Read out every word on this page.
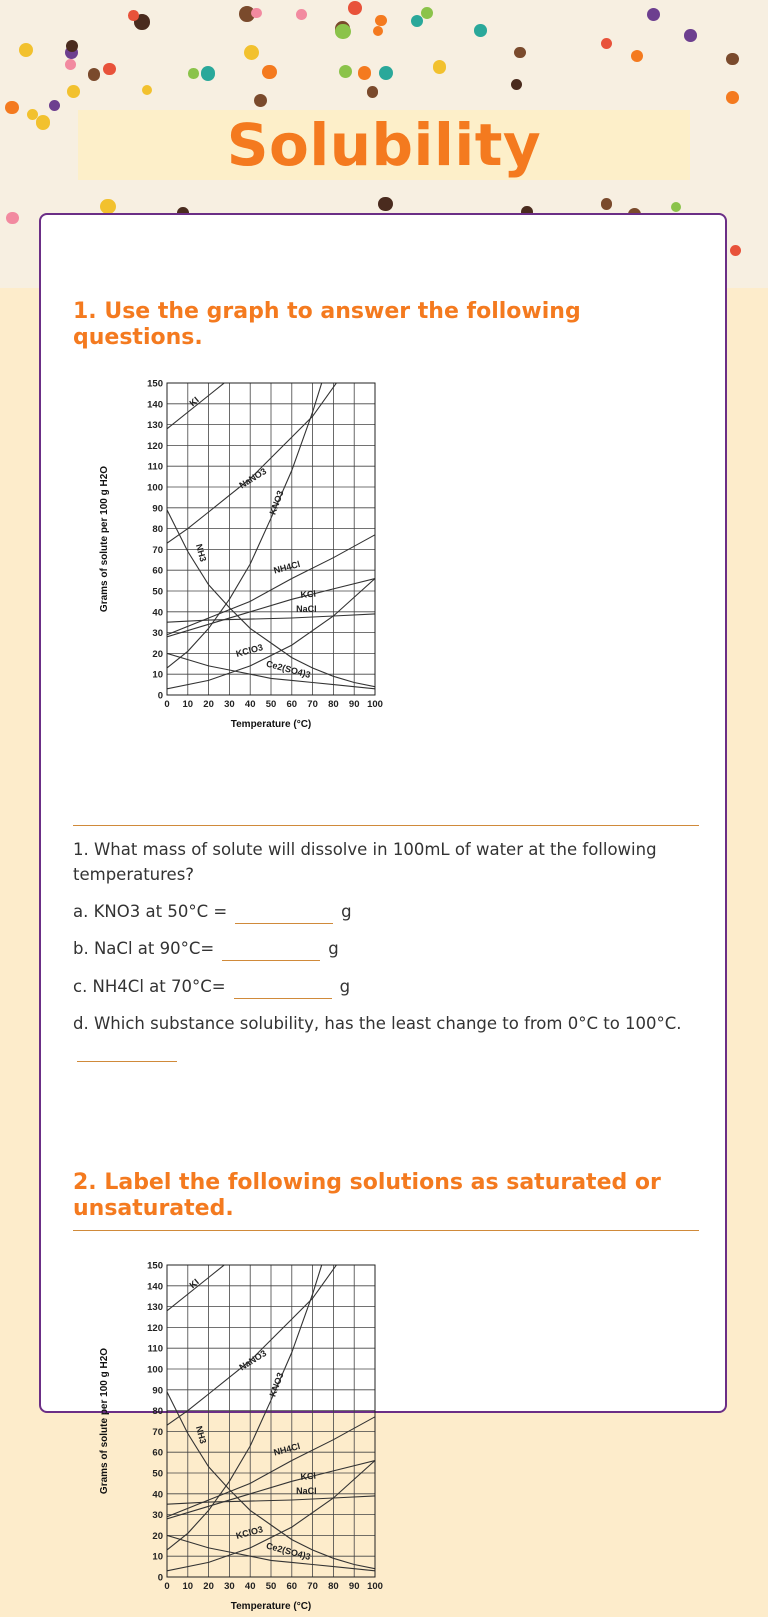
Solubility
1. Use the graph to answer the following questions.
0 10 20 30 40 50 60 70 80 90 100
0
10
20
30
40
50
60
70
80
90
100
110
120
130
140
150
Temperature (°C)
Grams of solute per 100 g H2O
KI
NaNO3
KNO3
NH3
NH4Cl
KCl
NaCl
KClO3
Ce2(SO4)3
1. What mass of solute will dissolve in 100mL of water at the following temperatures?
a. KNO3 at 50°C =	g
b. NaCl at 90°C=	g
c. NH4Cl at 70°C=	g
d. Which substance solubility, has the least change to from 0°C to 100°C.
2. Label the following solutions as saturated or unsaturated.
0 10 20 30 40 50 60 70 80 90 100
0
10
20
30
40
50
60
70
80
90
100
110
120
130
140
150
Temperature (°C)
Grams of solute per 100 g H2O
KI
NaNO3
KNO3
NH3
NH4Cl
KCl
NaCl
KClO3
Ce2(SO4)3
